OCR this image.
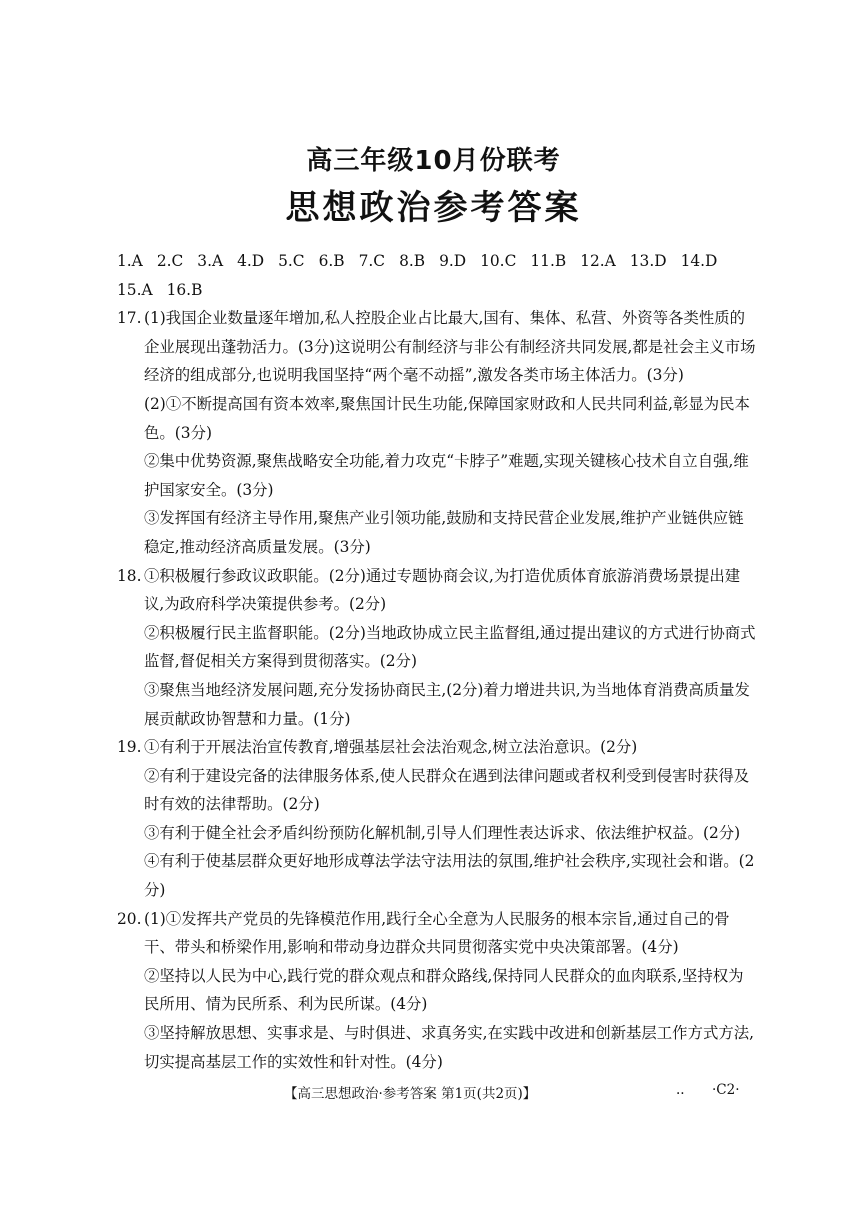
高三年级10月份联考
思想政治参考答案
1.A 2.C 3.A 4.D 5.C 6.B 7.C 8.B 9.D 10.C 11.B 12.A 13.D 14.D
15.A 16.B
17. (1)我国企业数量逐年增加,私人控股企业占比最大,国有、集体、私营、外资等各类性质的企业展现出蓬勃活力。(3分)这说明公有制经济与非公有制经济共同发展,都是社会主义市场经济的组成部分,也说明我国坚持“两个毫不动摇”,激发各类市场主体活力。(3分)

(2)①不断提高国有资本效率,聚焦国计民生功能,保障国家财政和人民共同利益,彰显为民本色。(3分)

②集中优势资源,聚焦战略安全功能,着力攻克“卡脖子”难题,实现关键核心技术自立自强,维护国家安全。(3分)

③发挥国有经济主导作用,聚焦产业引领功能,鼓励和支持民营企业发展,维护产业链供应链稳定,推动经济高质量发展。(3分)

18. ①积极履行参政议政职能。(2分)通过专题协商会议,为打造优质体育旅游消费场景提出建议,为政府科学决策提供参考。(2分)

②积极履行民主监督职能。(2分)当地政协成立民主监督组,通过提出建议的方式进行协商式监督,督促相关方案得到贯彻落实。(2分)

③聚焦当地经济发展问题,充分发扬协商民主,(2分)着力增进共识,为当地体育消费高质量发展贡献政协智慧和力量。(1分)

19. ①有利于开展法治宣传教育,增强基层社会法治观念,树立法治意识。(2分)

②有利于建设完备的法律服务体系,使人民群众在遇到法律问题或者权利受到侵害时获得及时有效的法律帮助。(2分)

③有利于健全社会矛盾纠纷预防化解机制,引导人们理性表达诉求、依法维护权益。(2分)

④有利于使基层群众更好地形成尊法学法守法用法的氛围,维护社会秩序,实现社会和谐。(2分)

20. (1)①发挥共产党员的先锋模范作用,践行全心全意为人民服务的根本宗旨,通过自己的骨干、带头和桥梁作用,影响和带动身边群众共同贯彻落实党中央决策部署。(4分)

②坚持以人民为中心,践行党的群众观点和群众路线,保持同人民群众的血肉联系,坚持权为民所用、情为民所系、利为民所谋。(4分)

③坚持解放思想、实事求是、与时俱进、求真务实,在实践中改进和创新基层工作方式方法,切实提高基层工作的实效性和针对性。(4分)

【高三思想政治·参考答案 第1页(共2页)】	.. ·C2·
